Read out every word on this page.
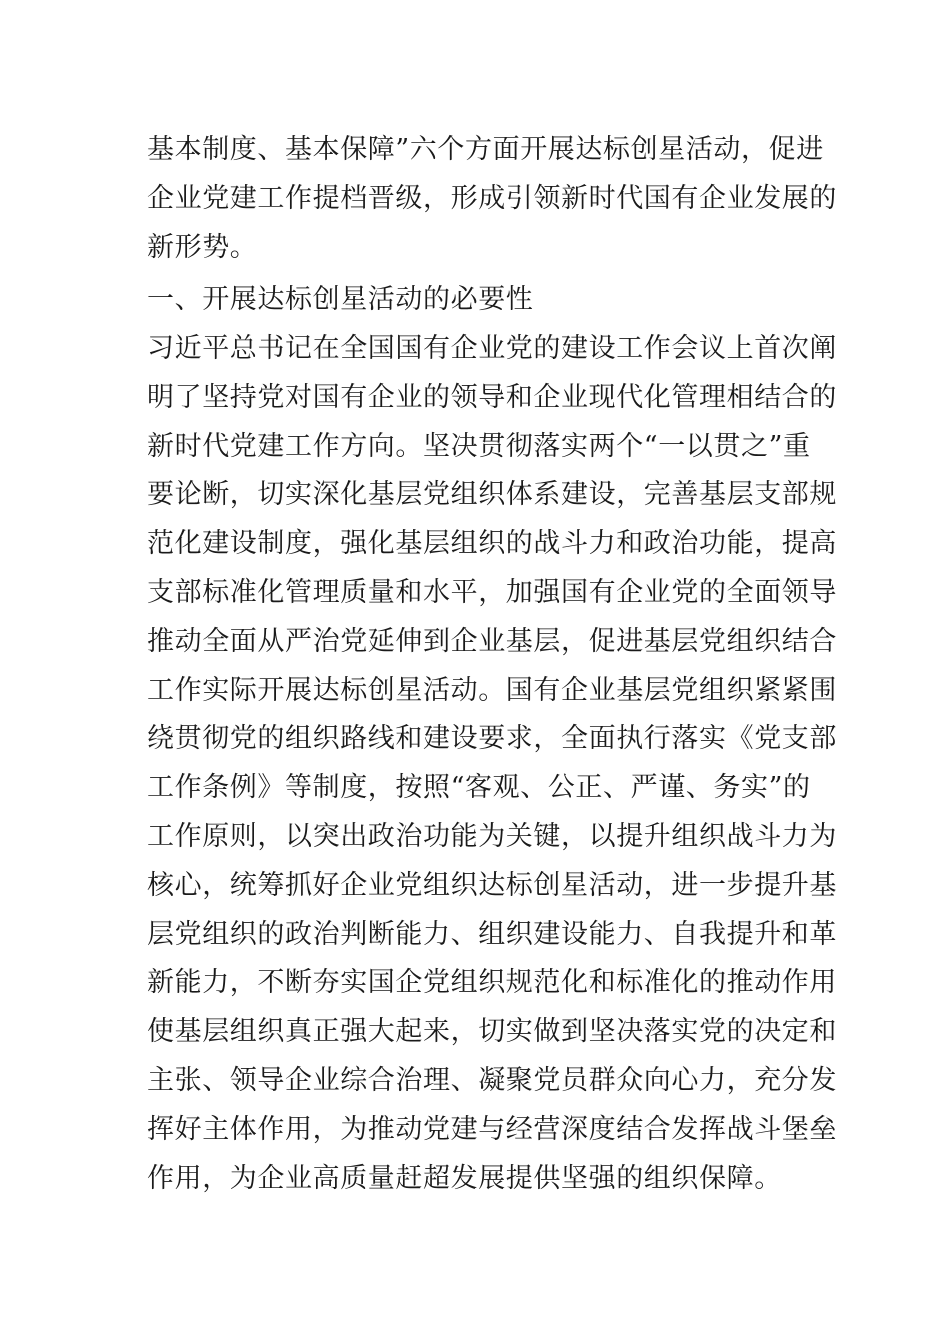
基本制度、基本保障”六个方面开展达标创星活动，促进
企业党建工作提档晋级，形成引领新时代国有企业发展的
新形势。
一、开展达标创星活动的必要性
习近平总书记在全国国有企业党的建设工作会议上首次阐
明了坚持党对国有企业的领导和企业现代化管理相结合的
新时代党建工作方向。坚决贯彻落实两个“一以贯之”重
要论断，切实深化基层党组织体系建设，完善基层支部规
范化建设制度，强化基层组织的战斗力和政治功能，提高
支部标准化管理质量和水平，加强国有企业党的全面领导
推动全面从严治党延伸到企业基层，促进基层党组织结合
工作实际开展达标创星活动。国有企业基层党组织紧紧围
绕贯彻党的组织路线和建设要求，全面执行落实《党支部
工作条例》等制度，按照“客观、公正、严谨、务实”的
工作原则，以突出政治功能为关键，以提升组织战斗力为
核心，统筹抓好企业党组织达标创星活动，进一步提升基
层党组织的政治判断能力、组织建设能力、自我提升和革
新能力，不断夯实国企党组织规范化和标准化的推动作用
使基层组织真正强大起来，切实做到坚决落实党的决定和
主张、领导企业综合治理、凝聚党员群众向心力，充分发
挥好主体作用，为推动党建与经营深度结合发挥战斗堡垒
作用，为企业高质量赶超发展提供坚强的组织保障。
